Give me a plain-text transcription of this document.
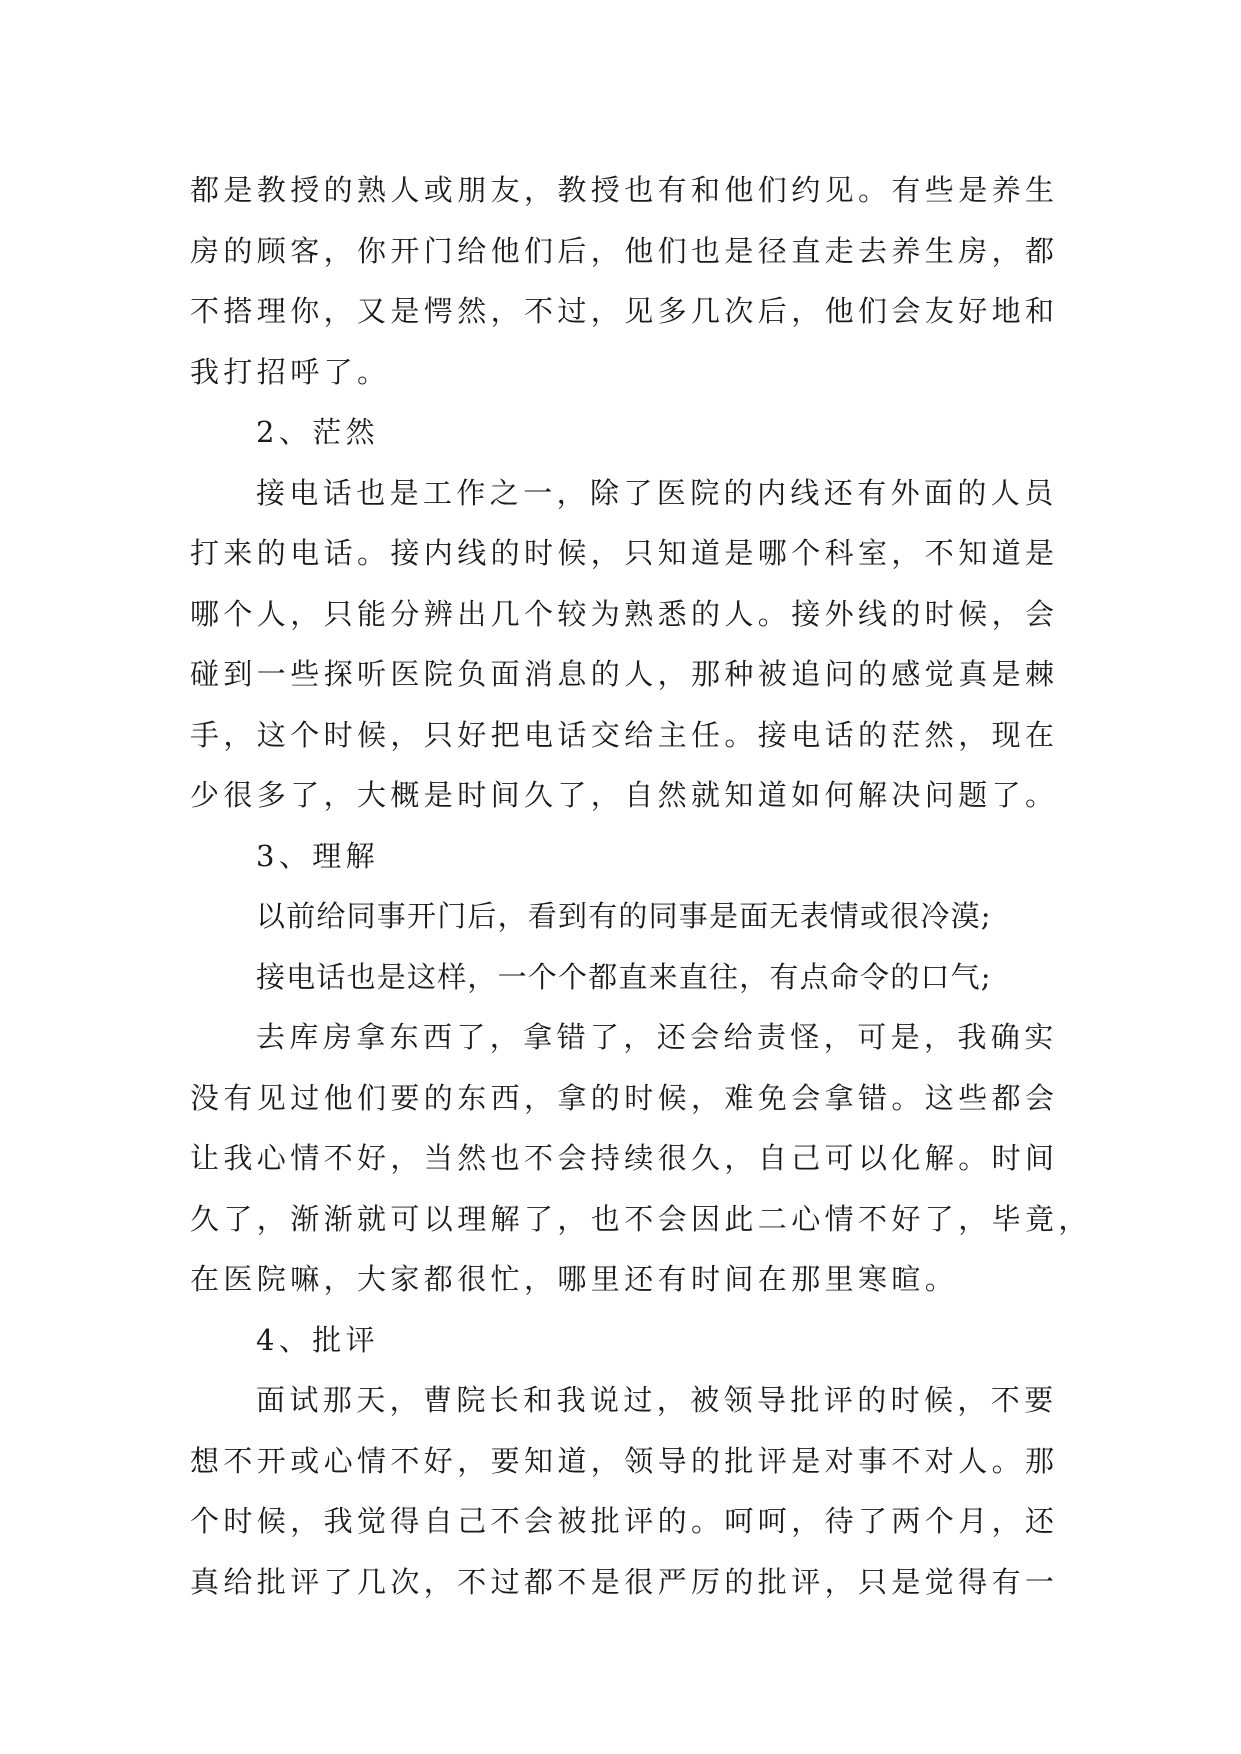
都是教授的熟人或朋友，教授也有和他们约见。有些是养生
房的顾客，你开门给他们后，他们也是径直走去养生房，都
不搭理你，又是愕然，不过，见多几次后，他们会友好地和
我打招呼了。
2、茫然
接电话也是工作之一，除了医院的内线还有外面的人员
打来的电话。接内线的时候，只知道是哪个科室，不知道是
哪个人，只能分辨出几个较为熟悉的人。接外线的时候，会
碰到一些探听医院负面消息的人，那种被追问的感觉真是棘
手，这个时候，只好把电话交给主任。接电话的茫然，现在
少很多了，大概是时间久了，自然就知道如何解决问题了。
3、理解
以前给同事开门后，看到有的同事是面无表情或很冷漠;
接电话也是这样，一个个都直来直往，有点命令的口气;
去库房拿东西了，拿错了，还会给责怪，可是，我确实
没有见过他们要的东西，拿的时候，难免会拿错。这些都会
让我心情不好，当然也不会持续很久，自己可以化解。时间
久了，渐渐就可以理解了，也不会因此二心情不好了，毕竟，
在医院嘛，大家都很忙，哪里还有时间在那里寒暄。
4、批评
面试那天，曹院长和我说过，被领导批评的时候，不要
想不开或心情不好，要知道，领导的批评是对事不对人。那
个时候，我觉得自己不会被批评的。呵呵，待了两个月，还
真给批评了几次，不过都不是很严厉的批评，只是觉得有一
